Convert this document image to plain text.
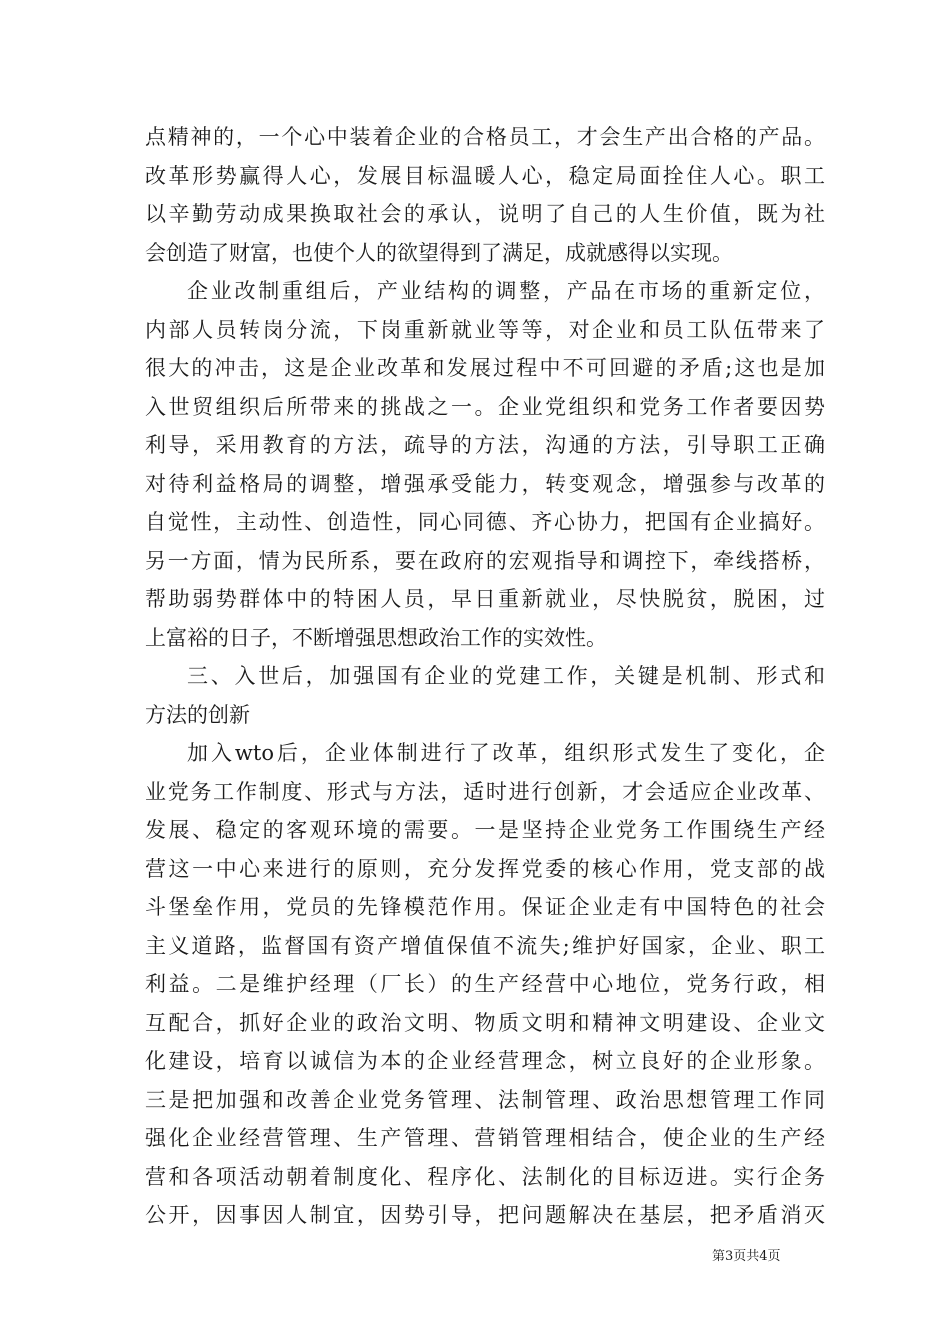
点精神的，一个心中装着企业的合格员工，才会生产出合格的产品。
改革形势赢得人心，发展目标温暖人心，稳定局面拴住人心。职工
以辛勤劳动成果换取社会的承认，说明了自己的人生价值，既为社
会创造了财富，也使个人的欲望得到了满足，成就感得以实现。
企业改制重组后，产业结构的调整，产品在市场的重新定位，
内部人员转岗分流，下岗重新就业等等，对企业和员工队伍带来了
很大的冲击，这是企业改革和发展过程中不可回避的矛盾;这也是加
入世贸组织后所带来的挑战之一。企业党组织和党务工作者要因势
利导，采用教育的方法，疏导的方法，沟通的方法，引导职工正确
对待利益格局的调整，增强承受能力，转变观念，增强参与改革的
自觉性，主动性、创造性，同心同德、齐心协力，把国有企业搞好。
另一方面，情为民所系，要在政府的宏观指导和调控下，牵线搭桥，
帮助弱势群体中的特困人员，早日重新就业，尽快脱贫，脱困，过
上富裕的日子，不断增强思想政治工作的实效性。
三、入世后，加强国有企业的党建工作，关键是机制、形式和
方法的创新
加入wto后，企业体制进行了改革，组织形式发生了变化，企
业党务工作制度、形式与方法，适时进行创新，才会适应企业改革、
发展、稳定的客观环境的需要。一是坚持企业党务工作围绕生产经
营这一中心来进行的原则，充分发挥党委的核心作用，党支部的战
斗堡垒作用，党员的先锋模范作用。保证企业走有中国特色的社会
主义道路，监督国有资产增值保值不流失;维护好国家，企业、职工
利益。二是维护经理（厂长）的生产经营中心地位，党务行政，相
互配合，抓好企业的政治文明、物质文明和精神文明建设、企业文
化建设，培育以诚信为本的企业经营理念，树立良好的企业形象。
三是把加强和改善企业党务管理、法制管理、政治思想管理工作同
强化企业经营管理、生产管理、营销管理相结合，使企业的生产经
营和各项活动朝着制度化、程序化、法制化的目标迈进。实行企务
公开，因事因人制宜，因势引导，把问题解决在基层，把矛盾消灭
第3页共4页
